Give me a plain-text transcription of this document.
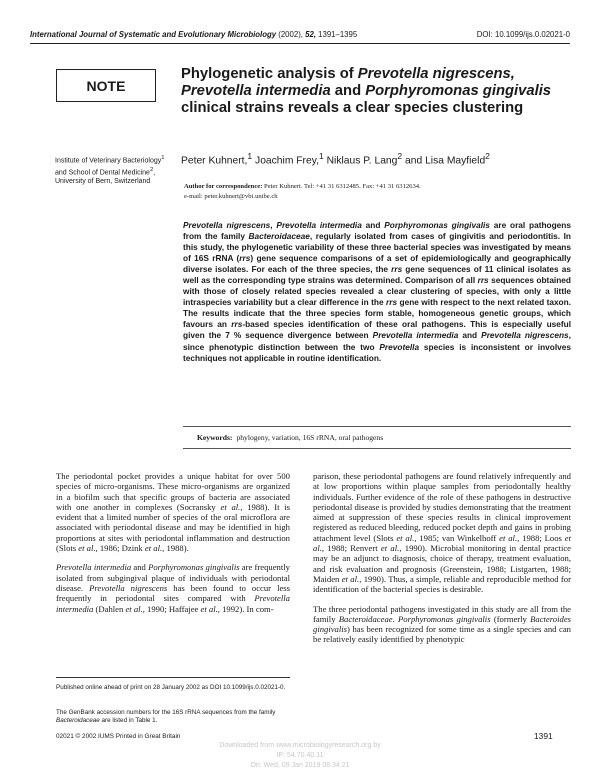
International Journal of Systematic and Evolutionary Microbiology (2002), 52, 1391–1395	DOI: 10.1099/ijs.0.02021-0
NOTE
Phylogenetic analysis of Prevotella nigrescens, Prevotella intermedia and Porphyromonas gingivalis clinical strains reveals a clear species clustering
Peter Kuhnert,$^1$ Joachim Frey,$^1$ Niklaus P. Lang$^2$ and Lisa Mayfield$^2$
Institute of Veterinary Bacteriology$^1$ and School of Dental Medicine$^2$, University of Bern, Switzerland
Author for correspondence: Peter Kuhnert. Tel: +41 31 6312485. Fax: +41 31 6312634.
e-mail: peter.kuhnert@vbi.unibe.ch
Prevotella nigrescens, Prevotella intermedia and Porphyromonas gingivalis are oral pathogens from the family Bacteroidaceae, regularly isolated from cases of gingivitis and periodontitis. In this study, the phylogenetic variability of these three bacterial species was investigated by means of 16S rRNA (rrs) gene sequence comparisons of a set of epidemiologically and geographically diverse isolates. For each of the three species, the rrs gene sequences of 11 clinical isolates as well as the corresponding type strains was determined. Comparison of all rrs sequences obtained with those of closely related species revealed a clear clustering of species, with only a little intraspecies variability but a clear difference in the rrs gene with respect to the next related taxon. The results indicate that the three species form stable, homogeneous genetic groups, which favours an rrs-based species identification of these oral pathogens. This is especially useful given the 7 % sequence divergence between Prevotella intermedia and Prevotella nigrescens, since phenotypic distinction between the two Prevotella species is inconsistent or involves techniques not applicable in routine identification.
Keywords: phylogeny, variation, 16S rRNA, oral pathogens

The periodontal pocket provides a unique habitat for over 500 species of micro-organisms. These micro-organisms are organized in a biofilm such that specific groups of bacteria are associated with one another in complexes (Socransky et al., 1988). It is evident that a limited number of species of the oral microflora are associated with periodontal disease and may be identified in high proportions at sites with periodontal inflammation and destruction (Slots et al., 1986; Dzink et al., 1988).

Prevotella intermedia and Porphyromonas gingivalis are frequently isolated from subgingival plaque of individuals with periodontal disease. Prevotella nigrescens has been found to occur less frequently in periodontal sites compared with Prevotella intermedia (Dahlen et al., 1990; Haffajee et al., 1992). In com-

parison, these periodontal pathogens are found relatively infrequently and at low proportions within plaque samples from periodontally healthy individuals. Further evidence of the role of these pathogens in destructive periodontal disease is provided by studies demonstrating that the treatment aimed at suppression of these species results in clinical improvement registered as reduced bleeding, reduced pocket depth and gains in probing attachment level (Slots et al., 1985; van Winkelhoff et al., 1988; Loos et al., 1988; Renvert et al., 1990). Microbial monitoring in dental practice may be an adjunct to diagnosis, choice of therapy, treatment evaluation, and risk evaluation and prognosis (Greenstein, 1988; Listgarten, 1988; Maiden et al., 1990). Thus, a simple, reliable and reproducible method for identification of the bacterial species is desirable.

The three periodontal pathogens investigated in this study are all from the family Bacteroidaceae. Porphyromonas gingivalis (formerly Bacteroides gingivalis) has been recognized for some time as a single species and can be relatively easily identified by phenotypic

Published online ahead of print on 28 January 2002 as DOI 10.1099/ijs.0.02021-0.
The GenBank accession numbers for the 16S rRNA sequences from the family Bacteroidaceae are listed in Table 1.
02021 © 2002 IUMS Printed in Great Britain	1391
Downloaded from www.microbiologyresearch.org by
IP: 54.70.40.11
On: Wed, 09 Jan 2019 08:34:21
